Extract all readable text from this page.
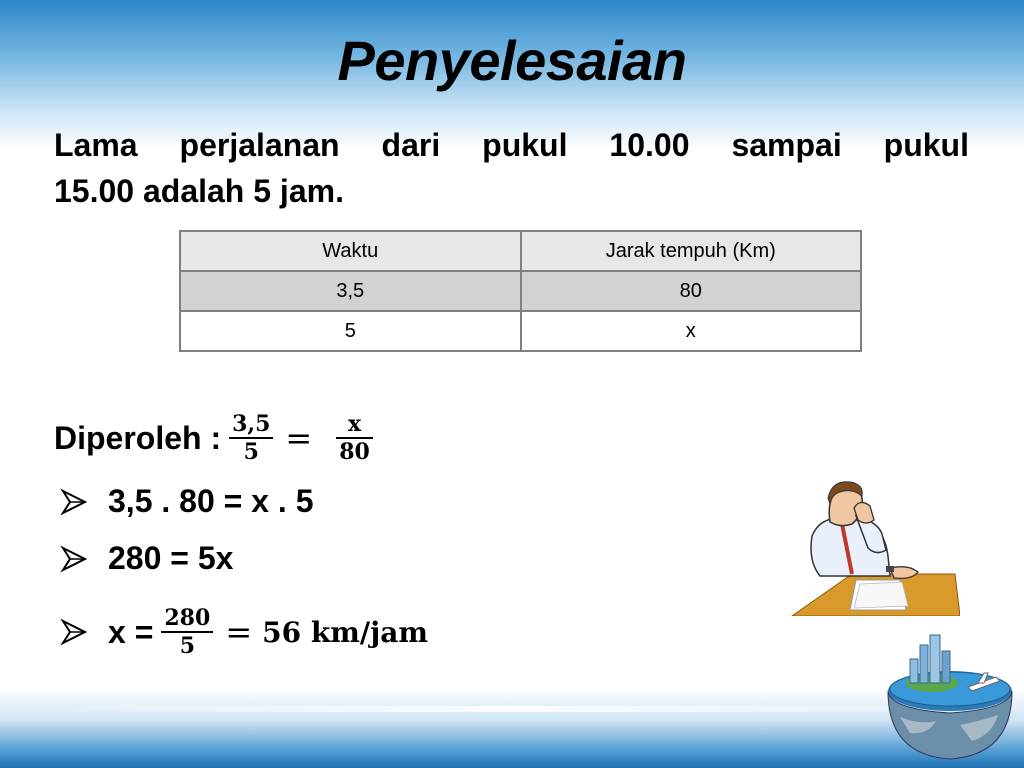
Penyelesaian
Lama perjalanan dari pukul 10.00 sampai pukul
15.00 adalah 5 jam.
Waktu	Jarak tempuh (Km)
3,5	80
5	x
Diperoleh : $\frac{3,5}{5} = \frac{x}{80}$
3,5 . 80 = x . 5
280 = 5x
$x = \frac{280}{5} = 56$ km/jam
